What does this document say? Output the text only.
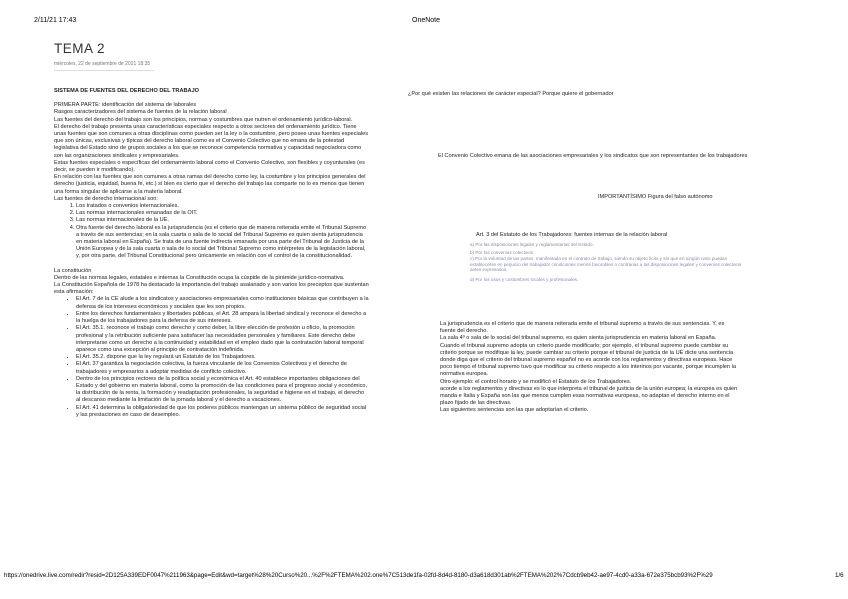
2/11/21 17:43	OneNote
TEMA 2
miércoles, 22 de septiembre de 2021 18:35

SISTEMA DE FUENTES DEL DERECHO DEL TRABAJO

PRIMERA PARTE: identificación del sistema de laborales

Rasgos caracterizadores del sistema de fuentes de la relación laboral

Las fuentes del derecho del trabajo son los principios, normas y costumbres que nutren el ordenamiento jurídico-laboral.

El derecho del trabajo presenta unas características especiales respecto a otros sectores del ordenamiento jurídico. Tiene unas fuentes que son comunes a otras disciplinas como pueden ser la ley o la costumbre, pero posee unas fuentes especiales que son únicas, exclusivas y típicas del derecho laboral como es el Convenio Colectivo que no emana de la potestad legislativa del Estado sino de grupos sociales a los que se reconoce competencia normativa y capacidad negociadora como son las organizaciones sindicales y empresariales.

Estas fuentes especiales o específicas del ordenamiento laboral como el Convenio Colectivo, son flexibles y coyunturales (es decir, se pueden ir modificando).

En relación con las fuentes que son comunes a otras ramas del derecho como ley, la costumbre y los principios generales del derecho (justicia, equidad, buena fe, etc.) sí bien es cierto que el derecho del trabajo las comparte no lo es menos que tienen una forma singular de aplicarse a la materia laboral.

Las fuentes de derecho internacional son:

1. Los tratados o convenios internacionales.
2. Las normas internacionales emanadas de la OIT.
3. Las normas internacionales de la UE.
4. Otra fuente del derecho laboral es la jurisprudencia (es el criterio que de manera reiterada emite el Tribunal Supremo a través de sus sentencias; en la sala cuarta o sala de lo social del Tribunal Supremo es quien sienta jurisprudencia en materia laboral en España). Se trata de una fuente indirecta emanada por una parte del Tribunal de Justicia de la Unión Europea y de la sala cuarta o sala de lo social del Tribunal Supremo como intérpretes de la legislación laboral, y, por otra parte, del Tribunal Constitucional pero únicamente en relación con el control de la constitucionalidad.

La constitución

Dentro de las normas legales, estatales e internas la Constitución ocupa la cúspide de la pirámide jurídico-normativa.

La Constitución Española de 1978 ha destacado la importancia del trabajo asalariado y son varios los preceptos que sustentan esta afirmación:

• El Art. 7 de la CE alude a los sindicatos y asociaciones empresariales como instituciones básicas que contribuyen a la defensa de los intereses económicos y sociales que les son propios.
• Entre los derechos fundamentales y libertades públicas, el Art. 28 ampara la libertad sindical y reconoce el derecho a la huelga de los trabajadores para la defensa de sus intereses.
• El Art. 35.1. reconoce el trabajo como derecho y como deber, la libre elección de profesión u oficio, la promoción profesional y la retribución suficiente para satisfacer las necesidades personales y familiares. Este derecho debe interpretarse como un derecho a la continuidad y estabilidad en el empleo dado que la contratación laboral temporal aparece como una excepción al principio de contratación indefinida.
• El Art. 35.2. dispone que la ley regulará un Estatuto de los Trabajadores.
• El Art. 37 garantiza la negociación colectiva, la fuerza vinculante de los Convenios Colectivos y el derecho de trabajadores y empresarios a adoptar medidas de conflicto colectivo.
• Dentro de los principios rectores de la política social y económica el Art. 40 establece importantes obligaciones del Estado y del gobierno en materia laboral, como la promoción de las condiciones para el progreso social y económico, la distribución de la renta, la formación y readaptación profesionales, la seguridad e higiene en el trabajo, el derecho al descanso mediante la limitación de la jornada laboral y el derecho a vacaciones.
• El Art. 41 determina la obligatoriedad de que los poderes públicos mantengan un sistema público de seguridad social y las prestaciones en caso de desempleo.
¿Por qué existen las relaciones de carácter especial? Porque quiere el gobernador
El Convenio Colectivo emana de las asociaciones empresariales y los sindicatos que son representantes de los trabajadores
IMPORTANTÍSIMO Figura del falso autónomo
Art. 3 del Estatuto de los Trabajadores: fuentes internas de la relación laboral

a) Por las disposiciones legales y reglamentarias del Estado.

b) Por los convenios colectivos.

c) Por la voluntad de las partes, manifestada en el contrato de trabajo, siendo su objeto lícito y sin que en ningún caso puedan establecerse en perjuicio del trabajador condiciones menos favorables o contrarias a las disposiciones legales y convenios colectivos antes expresados.

d) Por los usos y costumbres locales y profesionales.

La jurisprudencia es el criterio que de manera reiterada emite el tribunal supremo a través de sus sentencias. Y, es fuente del derecho.

La sala 4º o sala de lo social del tribunal supremo, es quien sienta jurisprudencia en materia laboral en España.

Cuando el tribunal supremo adopta un criterio puede modificarlo; por ejemplo, el tribunal supremo puede cambiar su criterio porque se modifique la ley, puede cambiar su criterio porque el tribunal de justicia de la UE dicte una sentencia donde diga que el criterio del tribunal supremo español no es acorde con los reglamentos y directivas europeas. Hace poco tiempo el tribunal supremo tuvo que modificar su criterio respecto a los interinos por vacante, porque incumplen la normativa europea.

Otro ejemplo: el control horario y se modificó el Estatuto de los Trabajadores.

acorde a los reglamentos y directivas es lo que interpreta el tribunal de justicia de la unión europea; la europea es quien manda e Italia y España son las que menos cumplen esas normativas europeas, no adaptan el derecho interno en el plazo fijado de las directivas.

Las siguientes sentencias son las que adoptarían el criterio.

https://onedrive.live.com/redir?resid=2D125A339EDF0047%211963&page=Edit&wd=target%28%20Curso%20...%2F%2FTEMA%202.one%7C513de1fa-02fd-8d4d-8180-d3a618d301ab%2FTEMA%202%7Cdcb9eb42-ae97-4cd0-a33a-672e375bcb93%2F%29	1/6
